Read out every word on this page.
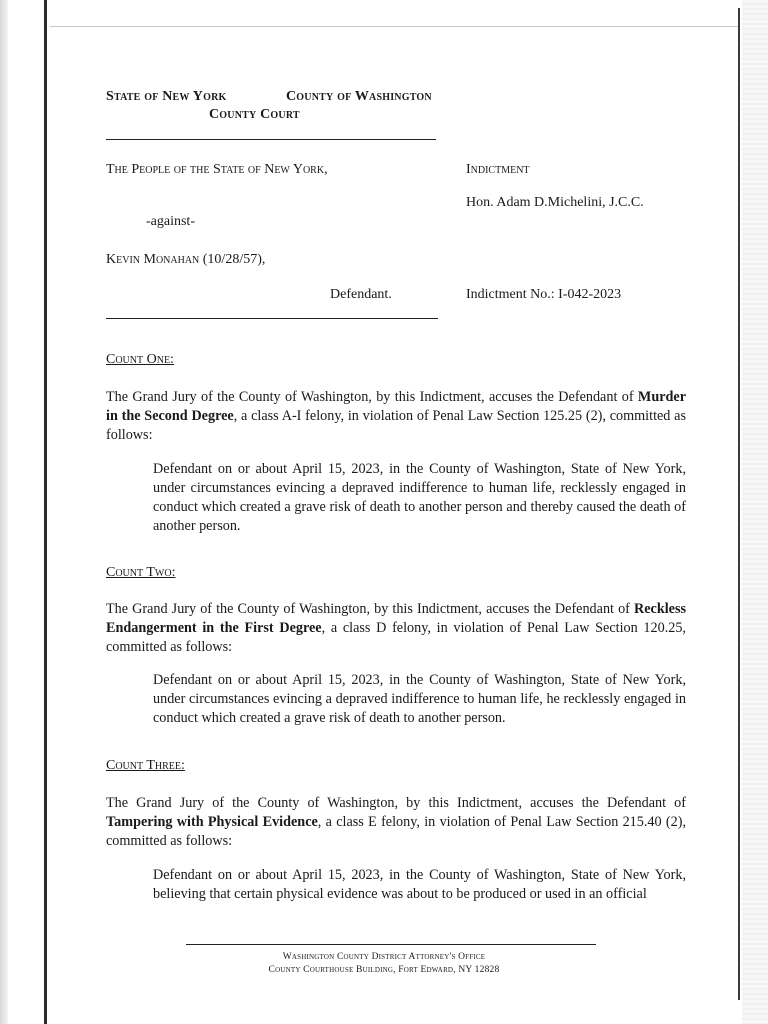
State of New York	County of Washington
County Court
The People of the State of New York,	Indictment
Hon. Adam D.Michelini, J.C.C.
-against-
Kevin Monahan (10/28/57),
Defendant.	Indictment No.: I-042-2023
Count One:
The Grand Jury of the County of Washington, by this Indictment, accuses the Defendant of Murder in the Second Degree, a class A-I felony, in violation of Penal Law Section 125.25 (2), committed as follows:
Defendant on or about April 15, 2023, in the County of Washington, State of New York, under circumstances evincing a depraved indifference to human life, recklessly engaged in conduct which created a grave risk of death to another person and thereby caused the death of another person.
Count Two:
The Grand Jury of the County of Washington, by this Indictment, accuses the Defendant of Reckless Endangerment in the First Degree, a class D felony, in violation of Penal Law Section 120.25, committed as follows:
Defendant on or about April 15, 2023, in the County of Washington, State of New York, under circumstances evincing a depraved indifference to human life, he recklessly engaged in conduct which created a grave risk of death to another person.
Count Three:
The Grand Jury of the County of Washington, by this Indictment, accuses the Defendant of Tampering with Physical Evidence, a class E felony, in violation of Penal Law Section 215.40 (2), committed as follows:
Defendant on or about April 15, 2023, in the County of Washington, State of New York, believing that certain physical evidence was about to be produced or used in an official
Washington County District Attorney's Office
County Courthouse Building, Fort Edward, NY 12828
